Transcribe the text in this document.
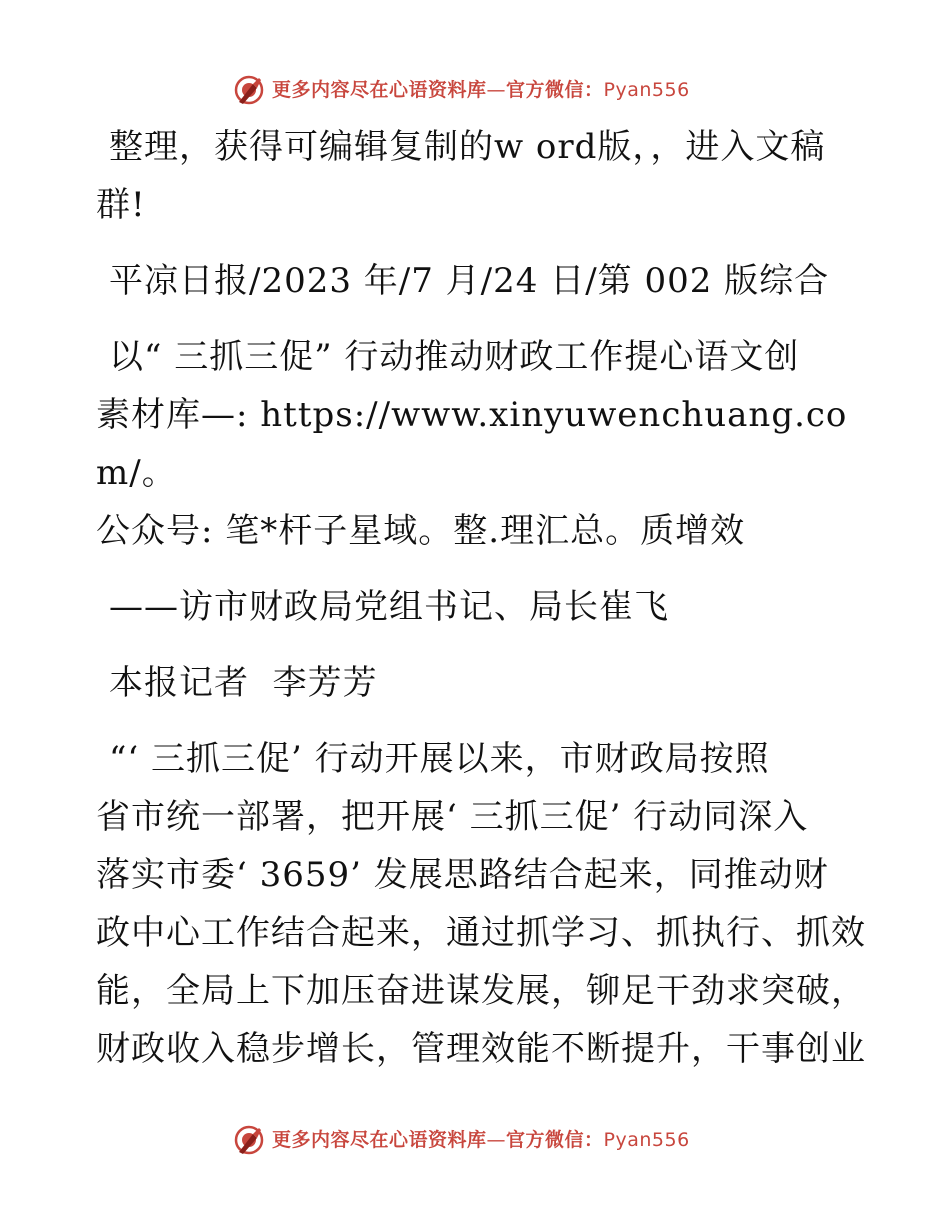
更多内容尽在心语资料库—官方微信：Pyan556

整理，获得可编辑复制的w ord版，，进入文稿

群!

平凉日报/2023 年/7 月/24 日/第 002 版综合

以“ 三抓三促” 行动推动财政工作提心语文创

素材库—: https://www.xinyuwenchuang.com/。

公众号: 笔*杆子星域。整.理汇总。质增效

——访市财政局党组书记、局长崔飞

本报记者  李芳芳

“‘ 三抓三促’ 行动开展以来，市财政局按照

省市统一部署，把开展‘ 三抓三促’ 行动同深入

落实市委‘ 3659’ 发展思路结合起来，同推动财

政中心工作结合起来，通过抓学习、抓执行、抓效

能，全局上下加压奋进谋发展，铆足干劲求突破，

财政收入稳步增长，管理效能不断提升，干事创业

更多内容尽在心语资料库—官方微信：Pyan556
